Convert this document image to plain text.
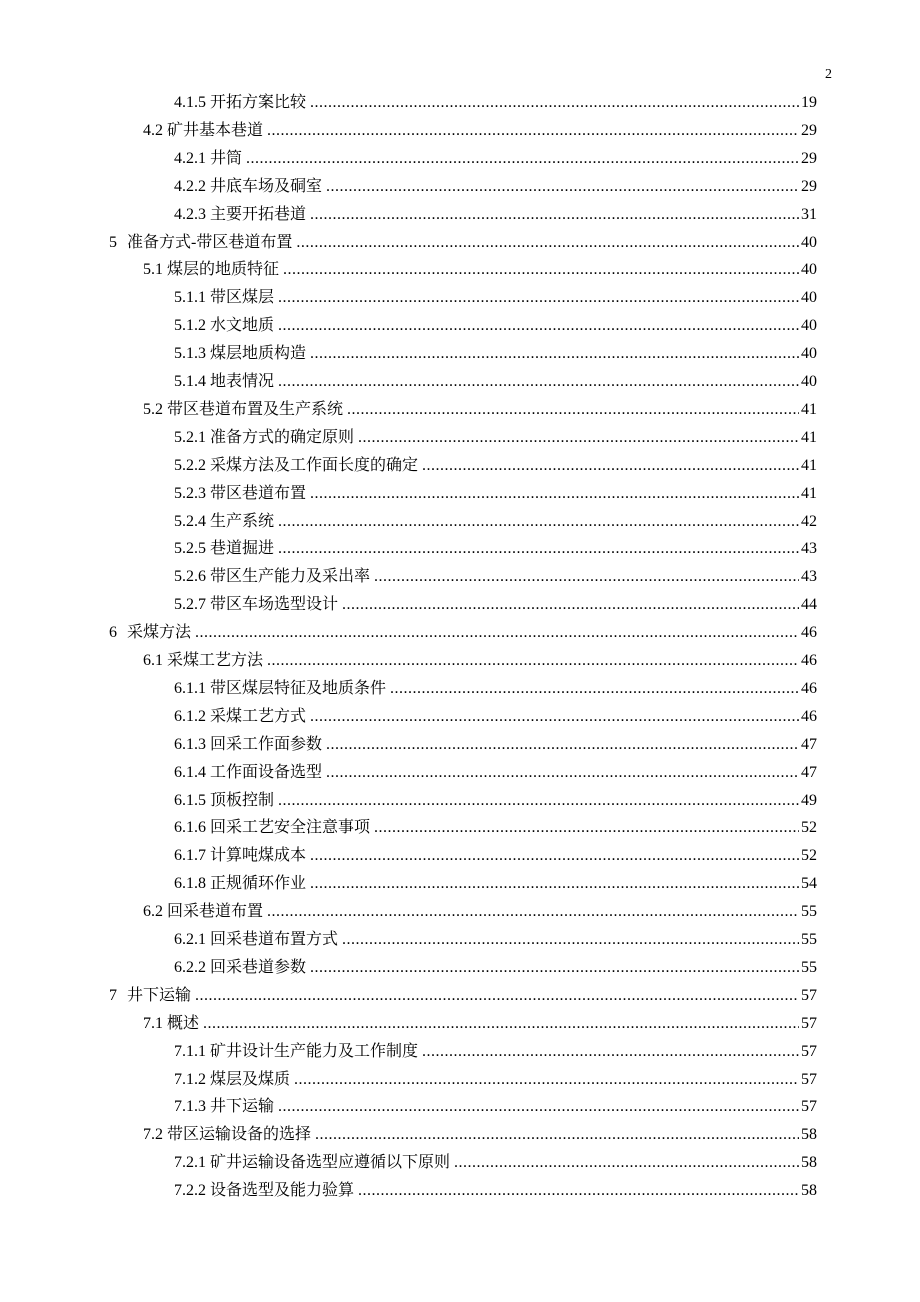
2
4.1.5 开拓方案比较 .....	19
4.2 矿井基本巷道 .....	29
4.2.1 井筒 .....	29
4.2.2 井底车场及硐室 .....	29
4.2.3 主要开拓巷道 .....	31
5 准备方式-带区巷道布置 .....	40
5.1 煤层的地质特征 .....	40
5.1.1 带区煤层 .....	40
5.1.2 水文地质 .....	40
5.1.3 煤层地质构造 .....	40
5.1.4 地表情况 .....	40
5.2 带区巷道布置及生产系统 .....	41
5.2.1 准备方式的确定原则 .....	41
5.2.2 采煤方法及工作面长度的确定 .....	41
5.2.3 带区巷道布置 .....	41
5.2.4 生产系统 .....	42
5.2.5 巷道掘进 .....	43
5.2.6 带区生产能力及采出率 .....	43
5.2.7 带区车场选型设计 .....	44
6 采煤方法 .....	46
6.1 采煤工艺方法 .....	46
6.1.1 带区煤层特征及地质条件 .....	46
6.1.2 采煤工艺方式 .....	46
6.1.3 回采工作面参数 .....	47
6.1.4 工作面设备选型 .....	47
6.1.5 顶板控制 .....	49
6.1.6 回采工艺安全注意事项 .....	52
6.1.7 计算吨煤成本 .....	52
6.1.8 正规循环作业 .....	54
6.2 回采巷道布置 .....	55
6.2.1 回采巷道布置方式 .....	55
6.2.2 回采巷道参数 .....	55
7 井下运输 .....	57
7.1 概述 .....	57
7.1.1 矿井设计生产能力及工作制度 .....	57
7.1.2 煤层及煤质 .....	57
7.1.3 井下运输 .....	57
7.2 带区运输设备的选择 .....	58
7.2.1 矿井运输设备选型应遵循以下原则 .....	58
7.2.2 设备选型及能力验算 .....	58
